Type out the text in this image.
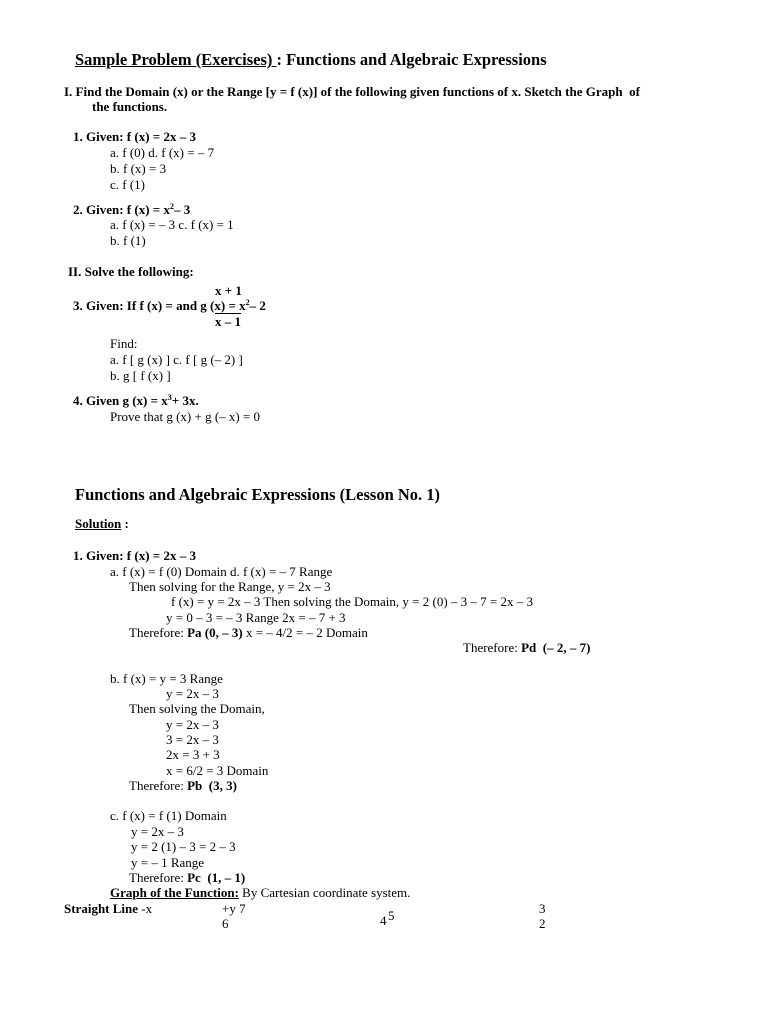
Sample Problem (Exercises) : Functions and Algebraic Expressions
I. Find the Domain (x) or the Range [y = f (x)] of the following given functions of x. Sketch the Graph  of
the functions.
1. Given: f (x) = 2x – 3
a. f (0) d. f (x) = – 7
b. f (x) = 3
c. f (1)
2. Given: f $(x) = x^2-$ 3
a. f (x) = – 3 c. f (x) = 1
b. f (1)
II. Solve the following:
x + 1
3. Given: If f (x) = and g $(x) = x^2-$ 2
x – 1
Find:
a. f [ g (x) ] c. f [ g (– 2) ]
b. g [ f (x) ]
4. Given g $(x) = x^3+ 3x$.
Prove that g (x) + g (– x) = 0
Functions and Algebraic Expressions (Lesson No. 1)
Solution :
1. Given: f (x) = 2x – 3
a. f (x) = f (0) Domain d. f (x) = – 7 Range
Then solving for the Range, y = 2x – 3
f (x) = y = 2x – 3 Then solving the Domain, y = 2 (0) – 3 – 7 = 2x – 3
y = 0 – 3 = – 3 Range 2x = – 7 + 3
Therefore: Pa (0, – 3) x = – 4/2 = – 2 Domain
Therefore: Pd  (– 2, – 7)
b. f (x) = y = 3 Range
y = 2x – 3
Then solving the Domain,
y = 2x – 3
3 = 2x – 3
2x = 3 + 3
x = 6/2 = 3 Domain
Therefore: Pb  (3, 3)
c. f (x) = f (1) Domain
y = 2x – 3
y = 2 (1) – 3 = 2 – 3
y = – 1 Range
Therefore: Pc  (1, – 1)
Graph of the Function: By Cartesian coordinate system.
Straight Line -x	+y 7
6	4 5	3
2
